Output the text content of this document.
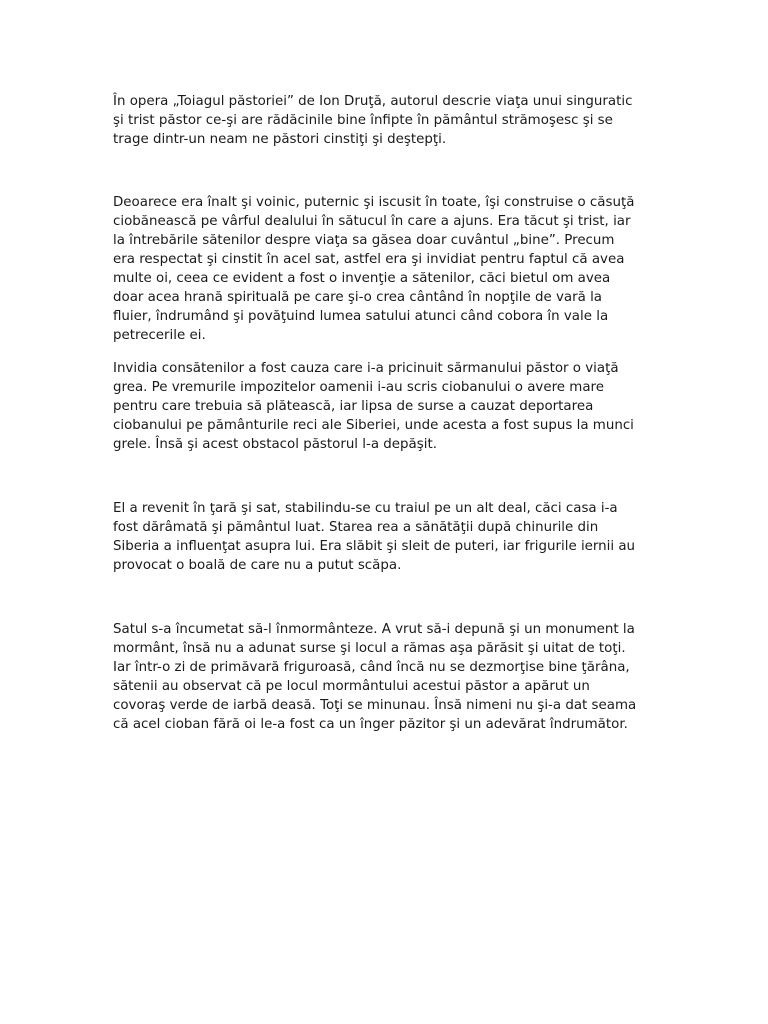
În opera „Toiagul păstoriei” de Ion Druţă, autorul descrie viaţa unui singuratic
şi trist păstor ce-şi are rădăcinile bine înfipte în pământul strămoşesc şi se
trage dintr-un neam ne păstori cinstiţi şi deştepţi.

Deoarece era înalt şi voinic, puternic şi iscusit în toate, îşi construise o căsuţă
ciobănească pe vârful dealului în sătucul în care a ajuns. Era tăcut şi trist, iar
la întrebările sătenilor despre viaţa sa găsea doar cuvântul „bine”. Precum
era respectat şi cinstit în acel sat, astfel era şi invidiat pentru faptul că avea
multe oi, ceea ce evident a fost o invenţie a sătenilor, căci bietul om avea
doar acea hrană spirituală pe care şi-o crea cântând în nopţile de vară la
fluier, îndrumând şi povăţuind lumea satului atunci când cobora în vale la
petrecerile ei.

Invidia consătenilor a fost cauza care i-a pricinuit sărmanului păstor o viaţă
grea. Pe vremurile impozitelor oamenii i-au scris ciobanului o avere mare
pentru care trebuia să plătească, iar lipsa de surse a cauzat deportarea
ciobanului pe pământurile reci ale Siberiei, unde acesta a fost supus la munci
grele. Însă şi acest obstacol păstorul l-a depăşit.

El a revenit în ţară şi sat, stabilindu-se cu traiul pe un alt deal, căci casa i-a
fost dărâmată şi pământul luat. Starea rea a sănătăţii după chinurile din
Siberia a influenţat asupra lui. Era slăbit şi sleit de puteri, iar frigurile iernii au
provocat o boală de care nu a putut scăpa.

Satul s-a încumetat să-l înmormânteze. A vrut să-i depună şi un monument la
mormânt, însă nu a adunat surse şi locul a rămas aşa părăsit şi uitat de toţi.
Iar într-o zi de primăvară friguroasă, când încă nu se dezmorţise bine ţărâna,
sătenii au observat că pe locul mormântului acestui păstor a apărut un
covoraş verde de iarbă deasă. Toţi se minunau. Însă nimeni nu şi-a dat seama
că acel cioban fără oi le-a fost ca un înger păzitor şi un adevărat îndrumător.
